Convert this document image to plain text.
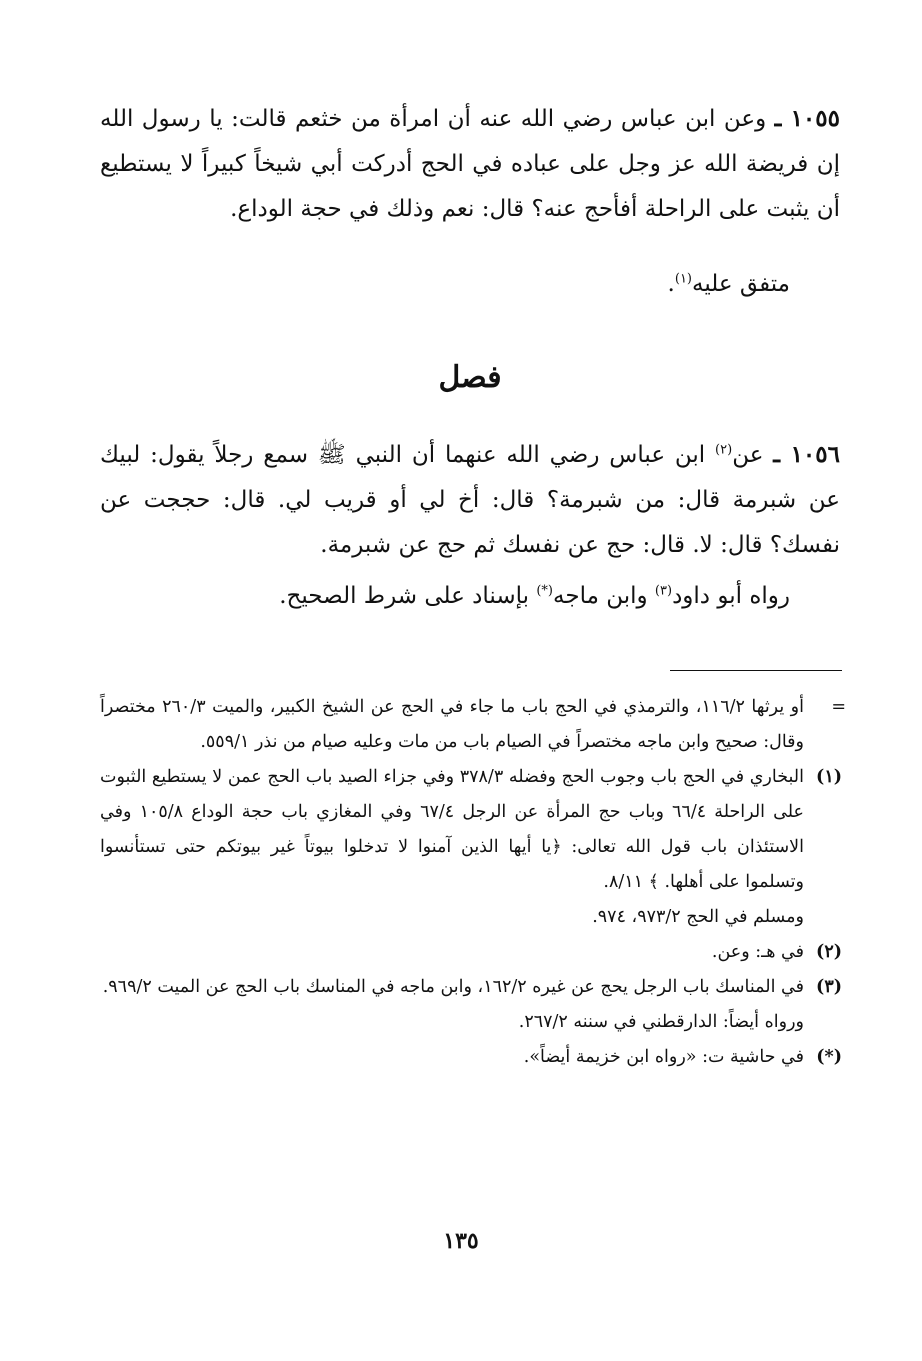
١٠٥٥ ـ وعن ابن عباس رضي الله عنه أن امرأة من خثعم قالت: يا رسول الله إن فريضة الله عز وجل على عباده في الحج أدركت أبي شيخاً كبيراً لا يستطيع أن يثبت على الراحلة أفأحج عنه؟ قال: نعم وذلك في حجة الوداع.

متفق عليه$^{(١)}$.

فصل

١٠٥٦ ـ عن$^{(٢)}$ ابن عباس رضي الله عنهما أن النبي ﷺ سمع رجلاً يقول: لبيك عن شبرمة قال: من شبرمة؟ قال: أخ لي أو قريب لي. قال: حججت عن نفسك؟ قال: لا. قال: حج عن نفسك ثم حج عن شبرمة.

رواه أبو داود$^{(٣)}$ وابن ماجه(*) بإسناد على شرط الصحيح.

=
أو يرثها ١١٦/٢، والترمذي في الحج باب ما جاء في الحج عن الشيخ الكبير، والميت ٢٦٠/٣ مختصراً وقال: صحيح وابن ماجه مختصراً في الصيام باب من مات وعليه صيام من نذر ٥٥٩/١.
(١)
البخاري في الحج باب وجوب الحج وفضله ٣٧٨/٣ وفي جزاء الصيد باب الحج عمن لا يستطيع الثبوت على الراحلة ٦٦/٤ وباب حج المرأة عن الرجل ٦٧/٤ وفي المغازي باب حجة الوداع ١٠٥/٨ وفي الاستئذان باب قول الله تعالى: ﴿يا أيها الذين آمنوا لا تدخلوا بيوتاً غير بيوتكم حتى تستأنسوا وتسلموا على أهلها. ﴾ ٨/١١.
ومسلم في الحج ٩٧٣/٢، ٩٧٤.
(٢)
في هـ: وعن.
(٣)
في المناسك باب الرجل يحج عن غيره ١٦٢/٢، وابن ماجه في المناسك باب الحج عن الميت ٩٦٩/٢.
ورواه أيضاً: الدارقطني في سننه ٢٦٧/٢.
(*)
في حاشية ت: «رواه ابن خزيمة أيضاً».
١٣٥
